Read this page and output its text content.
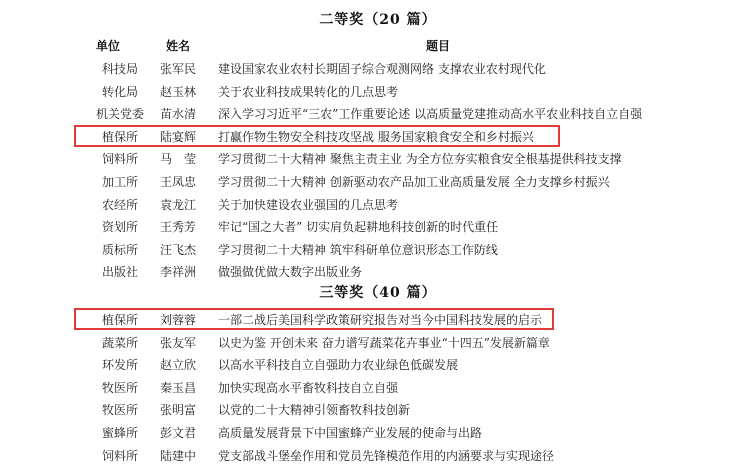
二等奖（20 篇）
单位	姓名	题目
科技局	张军民	建设国家农业农村长期固子综合观测网络 支撑农业农村现代化
转化局	赵玉林	关于农业科技成果转化的几点思考
机关党委	苗水清	深入学习习近平“三农”工作重要论述 以高质量党建推动高水平农业科技自立自强
植保所	陆宴辉	打赢作物生物安全科技攻坚战 服务国家粮食安全和乡村振兴
饲料所	马　莹	学习贯彻二十大精神 聚焦主责主业 为全方位夯实粮食安全根基提供科技支撑
加工所	王凤忠	学习贯彻二十大精神 创新驱动农产品加工业高质量发展 全力支撑乡村振兴
农经所	袁龙江	关于加快建设农业强国的几点思考
资划所	王秀芳	牢记“国之大者” 切实肩负起耕地科技创新的时代重任
质标所	汪飞杰	学习贯彻二十大精神 筑牢科研单位意识形态工作防线
出版社	李祥洲	做强做优做大数字出版业务
三等奖（40 篇）
植保所	刘蓉蓉	一部二战后美国科学政策研究报告对当今中国科技发展的启示
蔬菜所	张友军	以史为鉴 开创未来 奋力谱写蔬菜花卉事业“十四五”发展新篇章
环发所	赵立欣	以高水平科技自立自强助力农业绿色低碳发展
牧医所	秦玉昌	加快实现高水平畜牧科技自立自强
牧医所	张明富	以党的二十大精神引领畜牧科技创新
蜜蜂所	彭文君	高质量发展背景下中国蜜蜂产业发展的使命与出路
饲料所	陆建中	党支部战斗堡垒作用和党员先锋模范作用的内涵要求与实现途径
